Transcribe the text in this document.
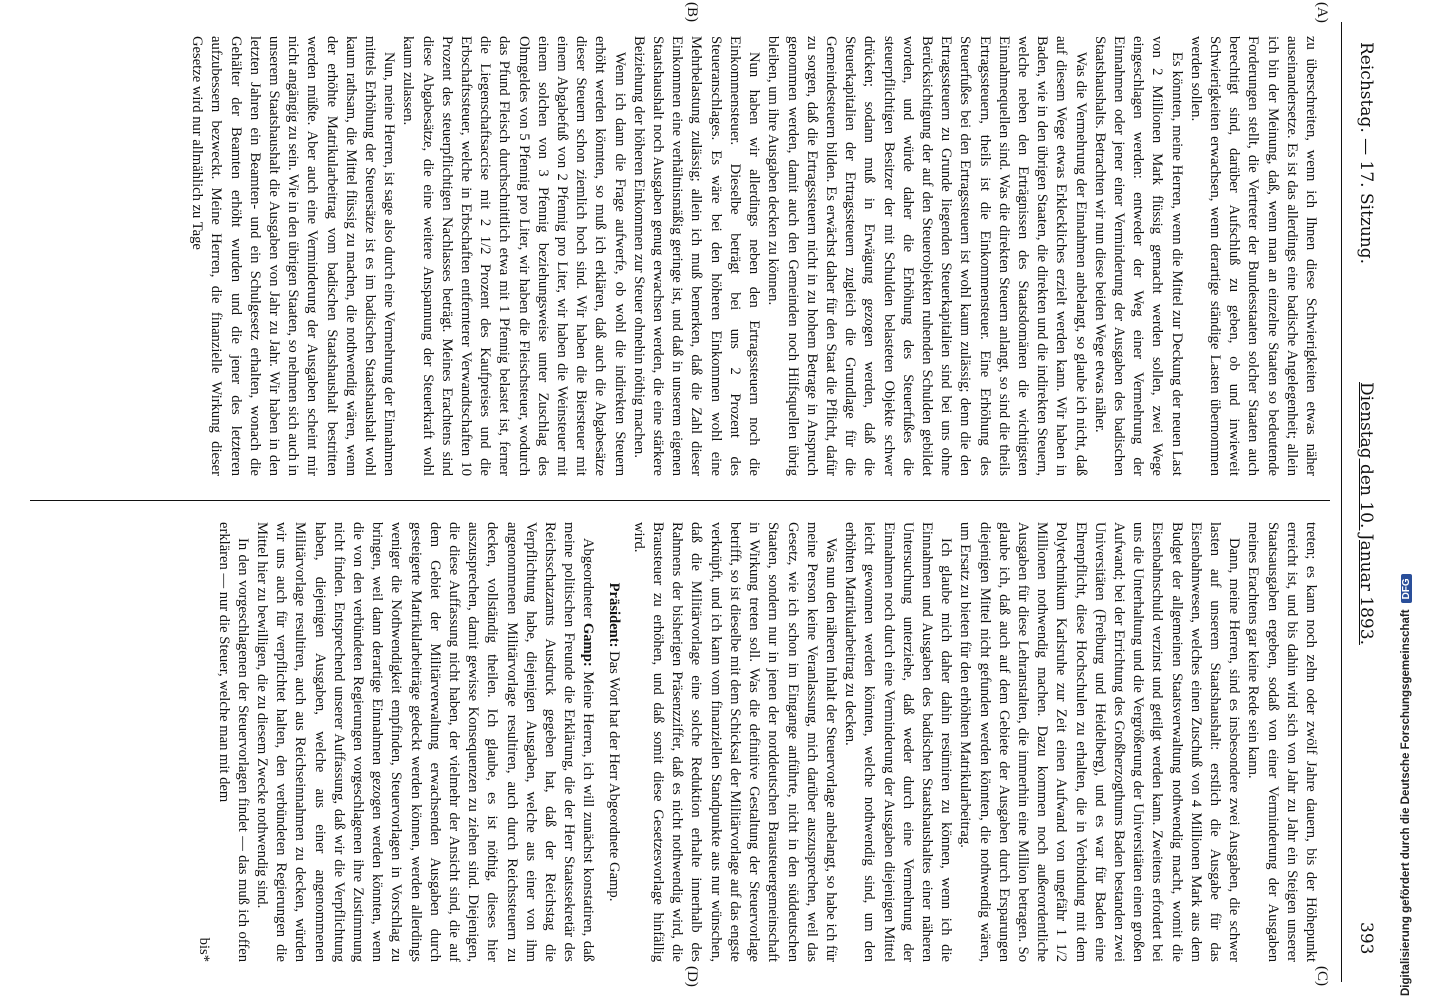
Reichstag. — 17. Sitzung.
Dienstag den 10. Januar 1893.
393
(A)
(B)
(C)
(D)

zu überschreiten, wenn ich Ihnen diese Schwierigkeiten etwas näher auseinandersetze. Es ist das allerdings eine badische Angelegenheit; allein ich bin der Meinung, daß, wenn man an einzelne Staaten so bedeutende Forderungen stellt, die Vertreter der Bundesstaaten solcher Staaten auch berechtigt sind, darüber Aufschluß zu geben, ob und inwieweit Schwierigkeiten erwachsen, wenn derartige ständige Lasten übernommen werden sollen.

Es könnten, meine Herren, wenn die Mittel zur Deckung der neuen Last von 2 Millionen Mark flüssig gemacht werden sollen, zwei Wege eingeschlagen werden: entweder der Weg einer Vermehrung der Einnahmen oder jener einer Verminderung der Ausgaben des badischen Staatshaushalts. Betrachten wir nun diese beiden Wege etwas näher.

Was die Vermehrung der Einnahmen anbelangt, so glaube ich nicht, daß auf diesem Wege etwas Erkleckliches erzielt werden kann. Wir haben in Baden, wie in den übrigen Staaten, die direkten und die indirekten Steuern, welche neben den Erträgnissen des Staatsdomänen die wichtigsten Einnahmequellen sind. Was die direkten Steuern anlangt, so sind die theils Ertragssteuern, theils ist die Einkommensteuer. Eine Erhöhung des Steuerfußes bei den Ertragssteuern ist wohl kaum zulässig; denn die den Ertragssteuern zu Grunde liegenden Steuerkapitalien sind bei uns ohne Berücksichtigung der auf den Steuerobjekten ruhenden Schulden gebildet worden, und würde daher die Erhöhung des Steuerfußes die steuerpflichtigen Besitzer der mit Schulden belasteten Objekte schwer drücken; sodann muß in Erwägung gezogen werden, daß die Steuerkapitalien der Ertragssteuern zugleich die Grundlage für die Gemeindesteuern bilden. Es erwächst daher für den Staat die Pflicht, dafür zu sorgen, daß die Ertragssteuern nicht in zu hohem Betrage in Anspruch genommen werden, damit auch den Gemeinden noch Hilfsquellen übrig bleiben, um ihre Ausgaben decken zu können.

Nun haben wir allerdings neben den Ertragssteuern noch die Einkommensteuer. Dieselbe beträgt bei uns 2 Prozent des Steueranschlages. Es wäre bei den höheren Einkommen wohl eine Mehrbelastung zulässig; allein ich muß bemerken, daß die Zahl dieser Einkommen eine verhältnismäßig geringe ist, und daß in unserem eigenen Staatshaushalt noch Ausgaben genug erwachsen werden, die eine stärkere Beiziehung der höheren Einkommen zur Steuer ohnehin nöthig machen.

Wenn ich dann die Frage aufwerfe, ob wohl die indirekten Steuern erhöht werden könnten, so muß ich erklären, daß auch die Abgabesätze dieser Steuern schon ziemlich hoch sind. Wir haben die Biersteuer mit einem Abgabefuß von 2 Pfennig pro Liter, wir haben die Weinsteuer mit einem solchen von 3 Pfennig beziehungsweise unter Zuschlag des Ohmgeldes von 5 Pfennig pro Liter, wir haben die Fleischsteuer, wodurch das Pfund Fleisch durchschnittlich etwa mit 1 Pfennig belastet ist, ferner die Liegenschaftsaccise mit 2 1/2 Prozent des Kaufpreises und die Erbschaftssteuer, welche in Erbschaften entfernterer Verwandtschaften 10 Prozent des steuerpflichtigen Nachlasses beträgt. Meines Erachtens sind diese Abgabesätze, die eine weitere Anspannung der Steuerkraft wohl kaum zulassen.

Nun, meine Herren, ist sage also durch eine Vermehrung der Einnahmen mittels Erhöhung der Steuersätze ist es im badischen Staatshaushalt wohl kaum rathsam, die Mittel flüssig zu machen, die nothwendig wären, wenn der erhöhte Matrikularbeitrag vom badischen Staatshaushalt bestritten werden müßte. Aber auch eine Verminderung der Ausgaben scheint mir nicht angängig zu sein. Wie in den übrigen Staaten, so nehmen sich auch in unserem Staatshaushalt die Ausgaben von Jahr zu Jahr. Wir haben in den letzten Jahren ein Beamten- und ein Schulgesetz erhalten, wonach die Gehälter der Beamten erhöht wurden und die jener des letzteren aufzubessern bezweckt. Meine Herren, die finanzielle Wirkung dieser Gesetze wird nur allmählich zu Tage

treten; es kann noch zehn oder zwölf Jahre dauern, bis der Höhepunkt erreicht ist, und bis dahin wird sich von Jahr zu Jahr ein Steigen unserer Staatsausgaben ergeben, sodaß von einer Verminderung der Ausgaben meines Erachtens gar keine Rede sein kann.

Dann, meine Herren, sind es insbesondere zwei Ausgaben, die schwer lasten auf unserem Staatshaushalt: erstlich die Ausgabe für das Eisenbahnwesen, welches einen Zuschuß von 4 Millionen Mark aus dem Budget der allgemeinen Staatsverwaltung nothwendig macht, womit die Eisenbahnschuld verzinst und getilgt werden kann. Zweitens erfordert bei uns die Unterhaltung und die Vergrößerung der Universitäten einen großen Aufwand; bei der Errichtung des Großherzogthums Baden bestanden zwei Universitäten (Freiburg und Heidelberg), und es war für Baden eine Ehrenpflicht, diese Hochschulen zu erhalten, die in Verbindung mit dem Polytechnikum Karlsruhe zur Zeit einen Aufwand von ungefähr 1 1/2 Millionen nothwendig machen. Dazu kommen noch außerordentliche Ausgaben für diese Lehranstalten, die immerhin eine Million betragen. So glaube ich, daß auch auf dem Gebiete der Ausgaben durch Ersparungen diejenigen Mittel nicht gefunden werden könnten, die nothwendig wären, um Ersatz zu bieten für den erhöhten Matrikularbeitrag.

Ich glaube mich daher dahin resümiren zu können, wenn ich die Einnahmen und Ausgaben des badischen Staatshaushaltes einer näheren Untersuchung unterziehe, daß weder durch eine Vermehrung der Einnahmen noch durch eine Verminderung der Ausgaben diejenigen Mittel leicht gewonnen werden könnten, welche nothwendig sind, um den erhöhten Matrikularbeitrag zu decken.

Was nun den näheren Inhalt der Steuervorlage anbelangt, so habe ich für meine Person keine Veranlassung, mich darüber auszusprechen, weil das Gesetz, wie ich schon im Eingange anführte, nicht in den süddeutschen Staaten, sondern nur in jenen der norddeutschen Brausteuergemeinschaft in Wirkung treten soll. Was die definitive Gestaltung der Steuervorlage betrifft, so ist dieselbe mit dem Schicksal der Militärvorlage auf das engste verknüpft, und ich kann vom finanziellen Standpunkte aus nur wünschen, daß die Militärvorlage eine solche Reduktion erhalte innerhalb des Rahmens der bisherigen Präsenzziffer, daß es nicht nothwendig wird, die Brausteuer zu erhöhen, und daß somit diese Gesetzesvorlage hinfällig wird.

Präsident: Das Wort hat der Herr Abgeordnete Gamp.

Abgeordneter Gamp: Meine Herren, ich will zunächst konstatiren, daß meine politischen Freunde die Erklärung, die der Herr Staatssekretär des Reichsschatzamts Ausdruck gegeben hat, daß der Reichstag die Verpflichtung habe, diejenigen Ausgaben, welche aus einer von ihm angenommenen Militärvorlage resultiren, auch durch Reichssteuern zu decken, vollständig theilen. Ich glaube, es ist nöthig, dieses hier auszusprechen, damit gewisse Konsequenzen zu ziehen sind. Diejenigen, die diese Auffassung nicht haben, der vielmehr der Ansicht sind, die auf dem Gebiet der Militärverwaltung erwachsenden Ausgaben durch gesteigerte Matrikularbeiträge gedeckt werden können, werden allerdings weniger die Nothwendigkeit empfinden, Steuervorlagen in Vorschlag zu bringen, weil dann derartige Einnahmen gezogen werden könnten, wenn die von den verbündeten Regierungen vorgeschlagenen ihre Zustimmung nicht finden. Entsprechend unserer Auffassung, daß wir die Verpflichtung haben, diejenigen Ausgaben, welche aus einer angenommenen Militärvorlage resultiren, auch aus Reichseinnahmen zu decken, würden wir uns auch für verpflichtet halten, den verbündeten Regierungen die Mittel hier zu bewilligen, die zu diesem Zwecke nothwendig sind.

In den vorgeschlagenen der Steuervorlagen findet — das muß ich offen erklären — nur die Steuer, welche man mit dem

bis*	Digitalisierung gefördert durch die Deutsche ForschungsgemeinschaftDFG
